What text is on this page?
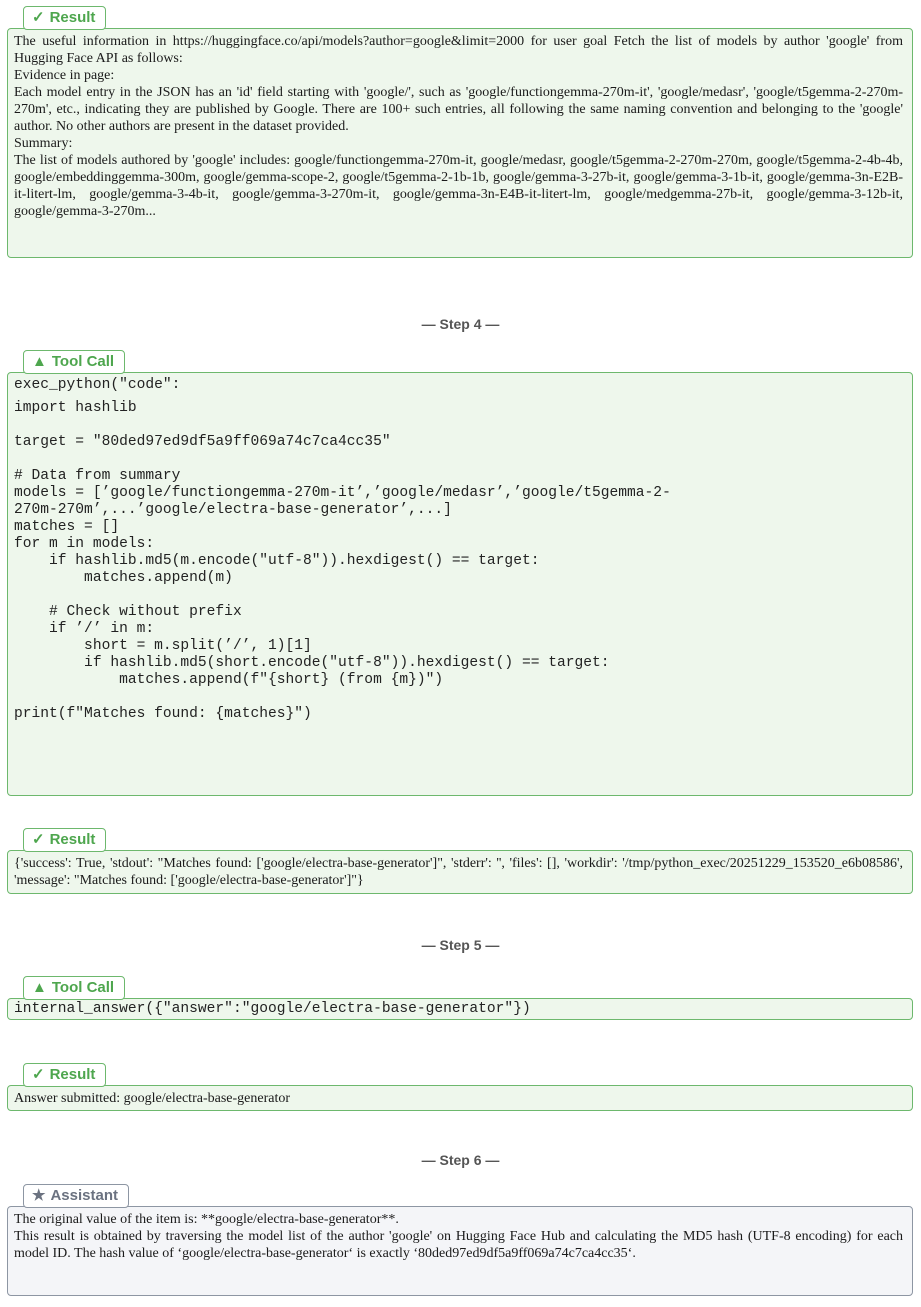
The useful information in https://huggingface.co/api/models?author=google&limit=2000 for user goal Fetch the list of models by author 'google' from Hugging Face API as follows:

Evidence in page:

Each model entry in the JSON has an 'id' field starting with 'google/', such as 'google/functiongemma-270m-it', 'google/medasr', 'google/t5gemma-2-270m-270m', etc., indicating they are published by Google. There are 100+ such entries, all following the same naming convention and belonging to the 'google' author. No other authors are present in the dataset provided.

Summary:

The list of models authored by 'google' includes: google/functiongemma-270m-it, google/medasr, google/t5gemma-2-270m-270m, google/t5gemma-2-4b-4b, google/embeddinggemma-300m, google/gemma-scope-2, google/t5gemma-2-1b-1b, google/gemma-3-27b-it, google/gemma-3-1b-it, google/gemma-3n-E2B-it-litert-lm, google/gemma-3-4b-it, google/gemma-3-270m-it, google/gemma-3n-E4B-it-litert-lm, google/medgemma-27b-it, google/gemma-3-12b-it, google/gemma-3-270m...

✓ Result
— Step 4 —
exec_python("code":
import hashlib

target = "80ded97ed9df5a9ff069a74c7ca4cc35"

# Data from summary
models = [’google/functiongemma-270m-it’,’google/medasr’,’google/t5gemma-2-
270m-270m’,...’google/electra-base-generator’,...]
matches = []
for m in models:
if hashlib.md5(m.encode("utf-8")).hexdigest() == target:
matches.append(m)

# Check without prefix
if ’/’ in m:
short = m.split(’/’, 1)[1]
if hashlib.md5(short.encode("utf-8")).hexdigest() == target:
matches.append(f"{short} (from {m})")

print(f"Matches found: {matches}")
▲ Tool Call
{'success': True, 'stdout': "Matches found: ['google/electra-base-generator']", 'stderr': '', 'files': [], 'workdir': '/tmp/python_exec/20251229_153520_e6b08586', 'message': "Matches found: ['google/electra-base-generator']"}
✓ Result
— Step 5 —
internal_answer({"answer":"google/electra-base-generator"})
▲ Tool Call
Answer submitted: google/electra-base-generator
✓ Result
— Step 6 —

The original value of the item is: **google/electra-base-generator**.

This result is obtained by traversing the model list of the author 'google' on Hugging Face Hub and calculating the MD5 hash (UTF-8 encoding) for each model ID. The hash value of ‘google/electra-base-generator‘ is exactly ‘80ded97ed9df5a9ff069a74c7ca4cc35‘.

★ Assistant
